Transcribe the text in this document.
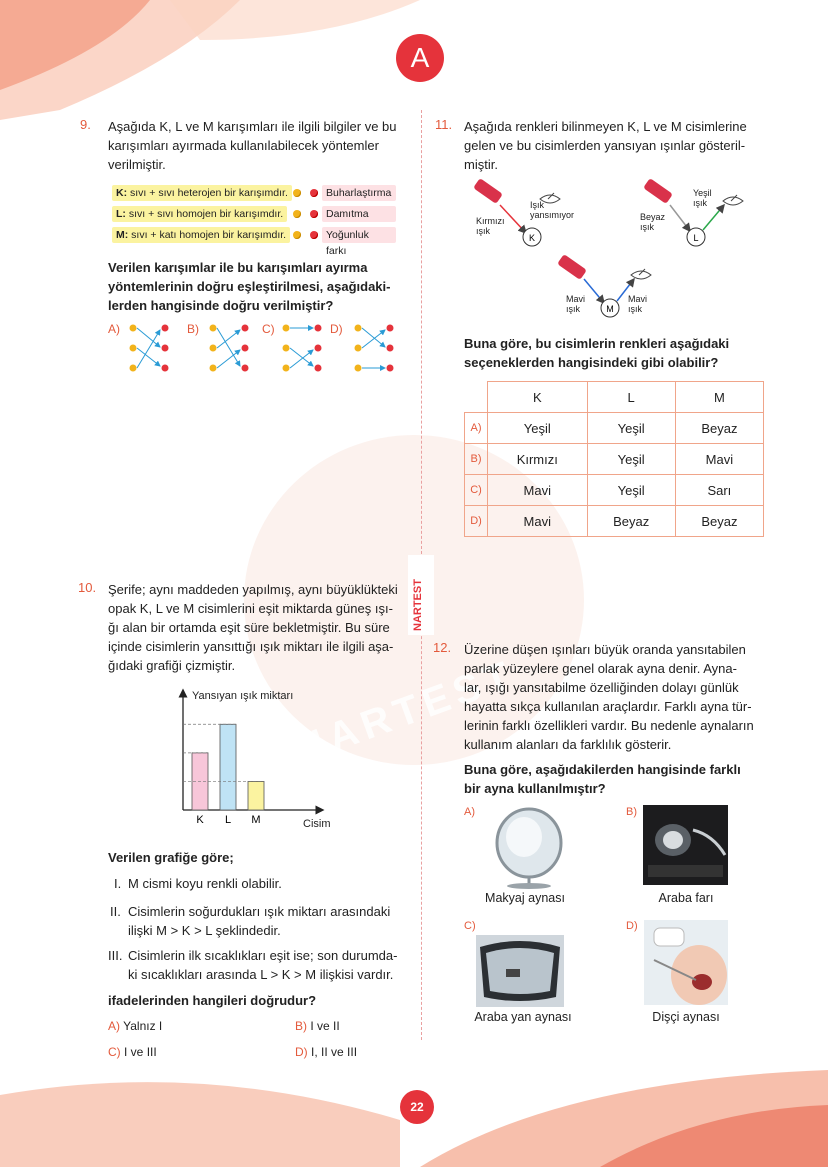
A
NARTEST
NARTEST
9. Aşağıda K, L ve M karışımları ile ilgili bilgiler ve bu
karışımları ayırmada kullanılabilecek yöntemler
verilmiştir.
K: sıvı + sıvı heterojen bir karışımdır.
L: sıvı + sıvı homojen bir karışımdır.
M: sıvı + katı homojen bir karışımdır.
Buharlaştırma
Damıtma
Yoğunluk farkı
Verilen karışımlar ile bu karışımları ayırma
yöntemlerinin doğru eşleştirilmesi, aşağıdaki-
lerden hangisinde doğru verilmiştir?
A)	B)	C)	D)
10. Şerife; aynı maddeden yapılmış, aynı büyüklükteki
opak K, L ve M cisimlerini eşit miktarda güneş ışı-
ğı alan bir ortamda eşit süre bekletmiştir. Bu süre
içinde cisimlerin yansıttığı ışık miktarı ile ilgili aşa-
ğıdaki grafiği çizmiştir.
K L M
Yansıyan ışık miktarı
Cisim
Verilen grafiğe göre;
I. M cismi koyu renkli olabilir.
II. Cisimlerin soğurdukları ışık miktarı arasındaki
ilişki M > K > L şeklindedir.
III. Cisimlerin ilk sıcaklıkları eşit ise; son durumda-
ki sıcaklıkları arasında L > K > M ilişkisi vardır.
ifadelerinden hangileri doğrudur?
A) Yalnız I	B) I ve II
C) I ve III	D) I, II ve III
11. Aşağıda renkleri bilinmeyen K, L ve M cisimlerine
gelen ve bu cisimlerden yansıyan ışınlar gösteril-
miştir.
K	L
M
Kırmızı
ışık
Işık
yansımıyor	Beyaz
ışık
Yeşil
ışık
Mavi
ışık
Mavi
ışık
Buna göre, bu cisimlerin renkleri aşağıdaki
seçeneklerden hangisindeki gibi olabilir?
	K	L	M
A)	Yeşil	Yeşil	Beyaz
B)	Kırmızı	Yeşil	Mavi
C)	Mavi	Yeşil	Sarı
D)	Mavi	Beyaz	Beyaz
12. Üzerine düşen ışınları büyük oranda yansıtabilen
parlak yüzeylere genel olarak ayna denir. Ayna-
lar, ışığı yansıtabilme özelliğinden dolayı günlük
hayatta sıkça kullanılan araçlardır. Farklı ayna tür-
lerinin farklı özellikleri vardır. Bu nedenle aynaların
kullanım alanları da farklılık gösterir.
Buna göre, aşağıdakilerden hangisinde farklı
bir ayna kullanılmıştır?
A)	B)
C)	D)
Makyaj aynası	Araba farı
Araba yan aynası	Dişçi aynası
22
